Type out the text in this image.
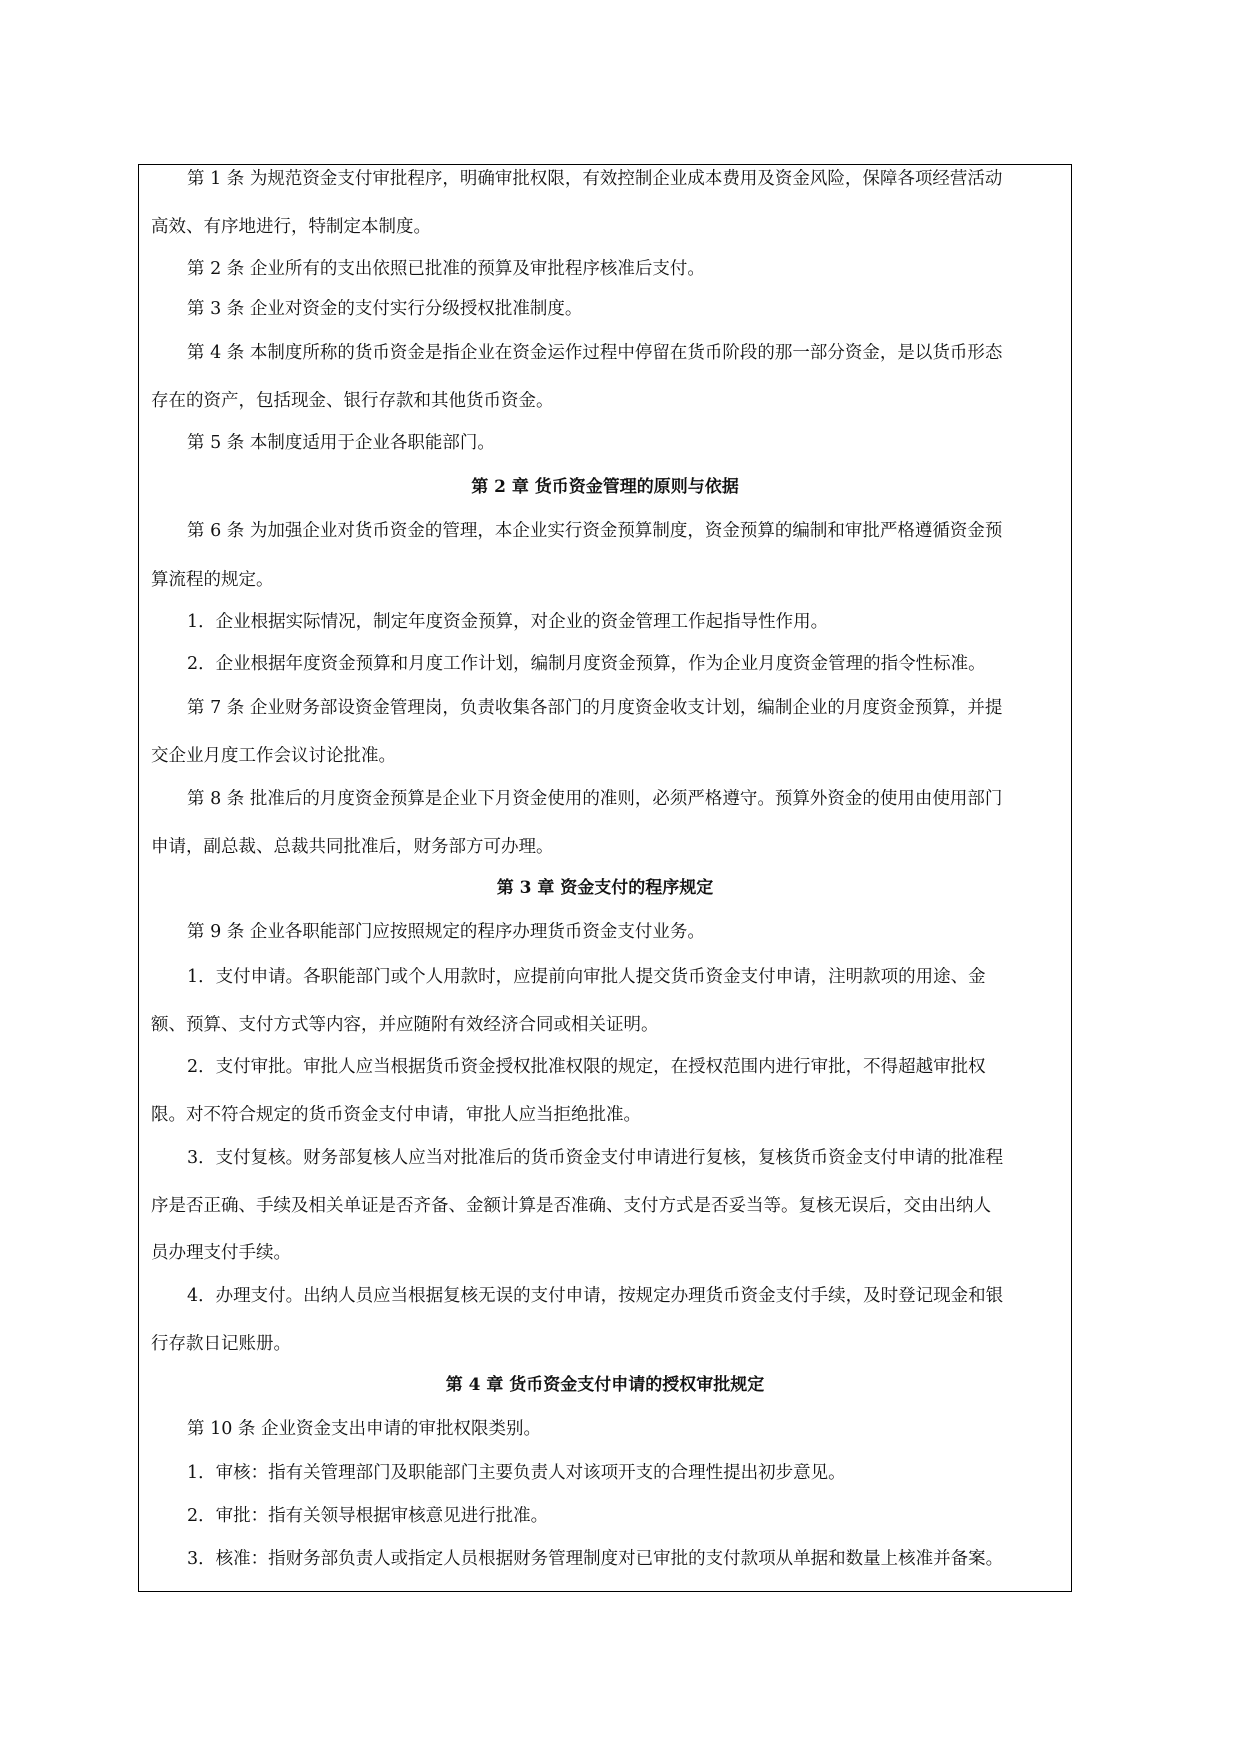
第 1 条 为规范资金支付审批程序，明确审批权限，有效控制企业成本费用及资金风险，保障各项经营活动
高效、有序地进行，特制定本制度。
第 2 条 企业所有的支出依照已批准的预算及审批程序核准后支付。
第 3 条 企业对资金的支付实行分级授权批准制度。
第 4 条 本制度所称的货币资金是指企业在资金运作过程中停留在货币阶段的那一部分资金，是以货币形态
存在的资产，包括现金、银行存款和其他货币资金。
第 5 条 本制度适用于企业各职能部门。
第 2 章 货币资金管理的原则与依据
第 6 条 为加强企业对货币资金的管理，本企业实行资金预算制度，资金预算的编制和审批严格遵循资金预
算流程的规定。
1．企业根据实际情况，制定年度资金预算，对企业的资金管理工作起指导性作用。
2．企业根据年度资金预算和月度工作计划，编制月度资金预算，作为企业月度资金管理的指令性标准。
第 7 条 企业财务部设资金管理岗，负责收集各部门的月度资金收支计划，编制企业的月度资金预算，并提
交企业月度工作会议讨论批准。
第 8 条 批准后的月度资金预算是企业下月资金使用的准则，必须严格遵守。预算外资金的使用由使用部门
申请，副总裁、总裁共同批准后，财务部方可办理。
第 3 章 资金支付的程序规定
第 9 条 企业各职能部门应按照规定的程序办理货币资金支付业务。
1．支付申请。各职能部门或个人用款时，应提前向审批人提交货币资金支付申请，注明款项的用途、金
额、预算、支付方式等内容，并应随附有效经济合同或相关证明。
2．支付审批。审批人应当根据货币资金授权批准权限的规定，在授权范围内进行审批，不得超越审批权
限。对不符合规定的货币资金支付申请，审批人应当拒绝批准。
3．支付复核。财务部复核人应当对批准后的货币资金支付申请进行复核，复核货币资金支付申请的批准程
序是否正确、手续及相关单证是否齐备、金额计算是否准确、支付方式是否妥当等。复核无误后，交由出纳人
员办理支付手续。
4．办理支付。出纳人员应当根据复核无误的支付申请，按规定办理货币资金支付手续，及时登记现金和银
行存款日记账册。
第 4 章 货币资金支付申请的授权审批规定
第 10 条 企业资金支出申请的审批权限类别。
1．审核：指有关管理部门及职能部门主要负责人对该项开支的合理性提出初步意见。
2．审批：指有关领导根据审核意见进行批准。
3．核准：指财务部负责人或指定人员根据财务管理制度对已审批的支付款项从单据和数量上核准并备案。
